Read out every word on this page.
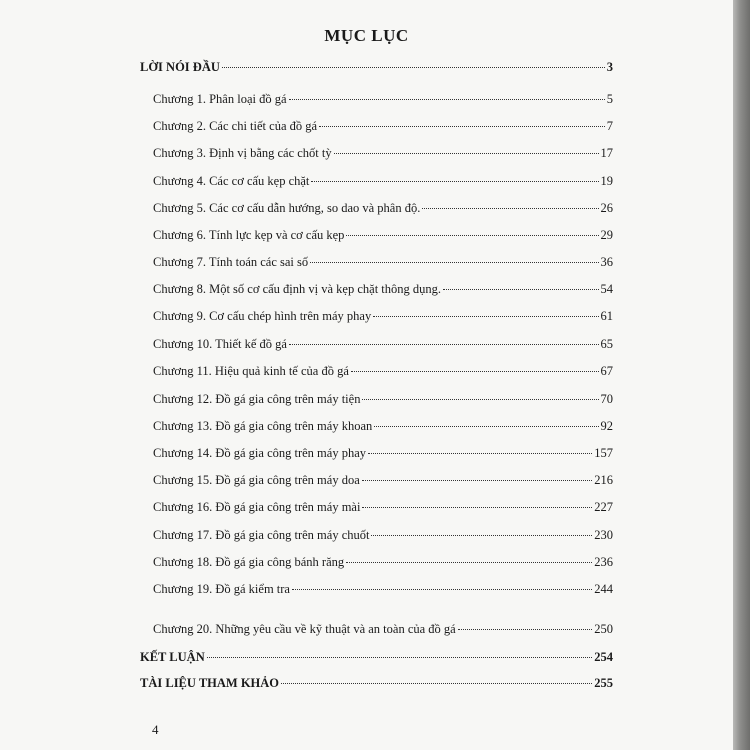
MỤC LỤC
LỜI NÓI ĐẦU	3
Chương 1. Phân loại đồ gá	5
Chương 2. Các chi tiết của đồ gá	7
Chương 3. Định vị bằng các chốt tỳ	17
Chương 4. Các cơ cấu kẹp chặt	19
Chương 5. Các cơ cấu dẫn hướng, so dao và phân độ.	26
Chương 6. Tính lực kẹp và cơ cấu kẹp	29
Chương 7. Tính toán các sai số	36
Chương 8. Một số cơ cấu định vị và kẹp chặt thông dụng.	54
Chương 9. Cơ cấu chép hình trên máy phay	61
Chương 10. Thiết kế đồ gá	65
Chương 11. Hiệu quả kinh tế của đồ gá	67
Chương 12. Đồ gá gia công trên máy tiện	70
Chương 13. Đồ gá gia công trên máy khoan	92
Chương 14. Đồ gá gia công trên máy phay	157
Chương 15. Đồ gá gia công trên máy doa	216
Chương 16. Đồ gá gia công trên máy mài	227
Chương 17. Đồ gá gia công trên máy chuốt	230
Chương 18. Đồ gá gia công bánh răng	236
Chương 19. Đồ gá kiểm tra	244
Chương 20. Những yêu cầu về kỹ thuật và an toàn của đồ gá	250
KẾT LUẬN	254
TÀI LIỆU THAM KHẢO	255
4
